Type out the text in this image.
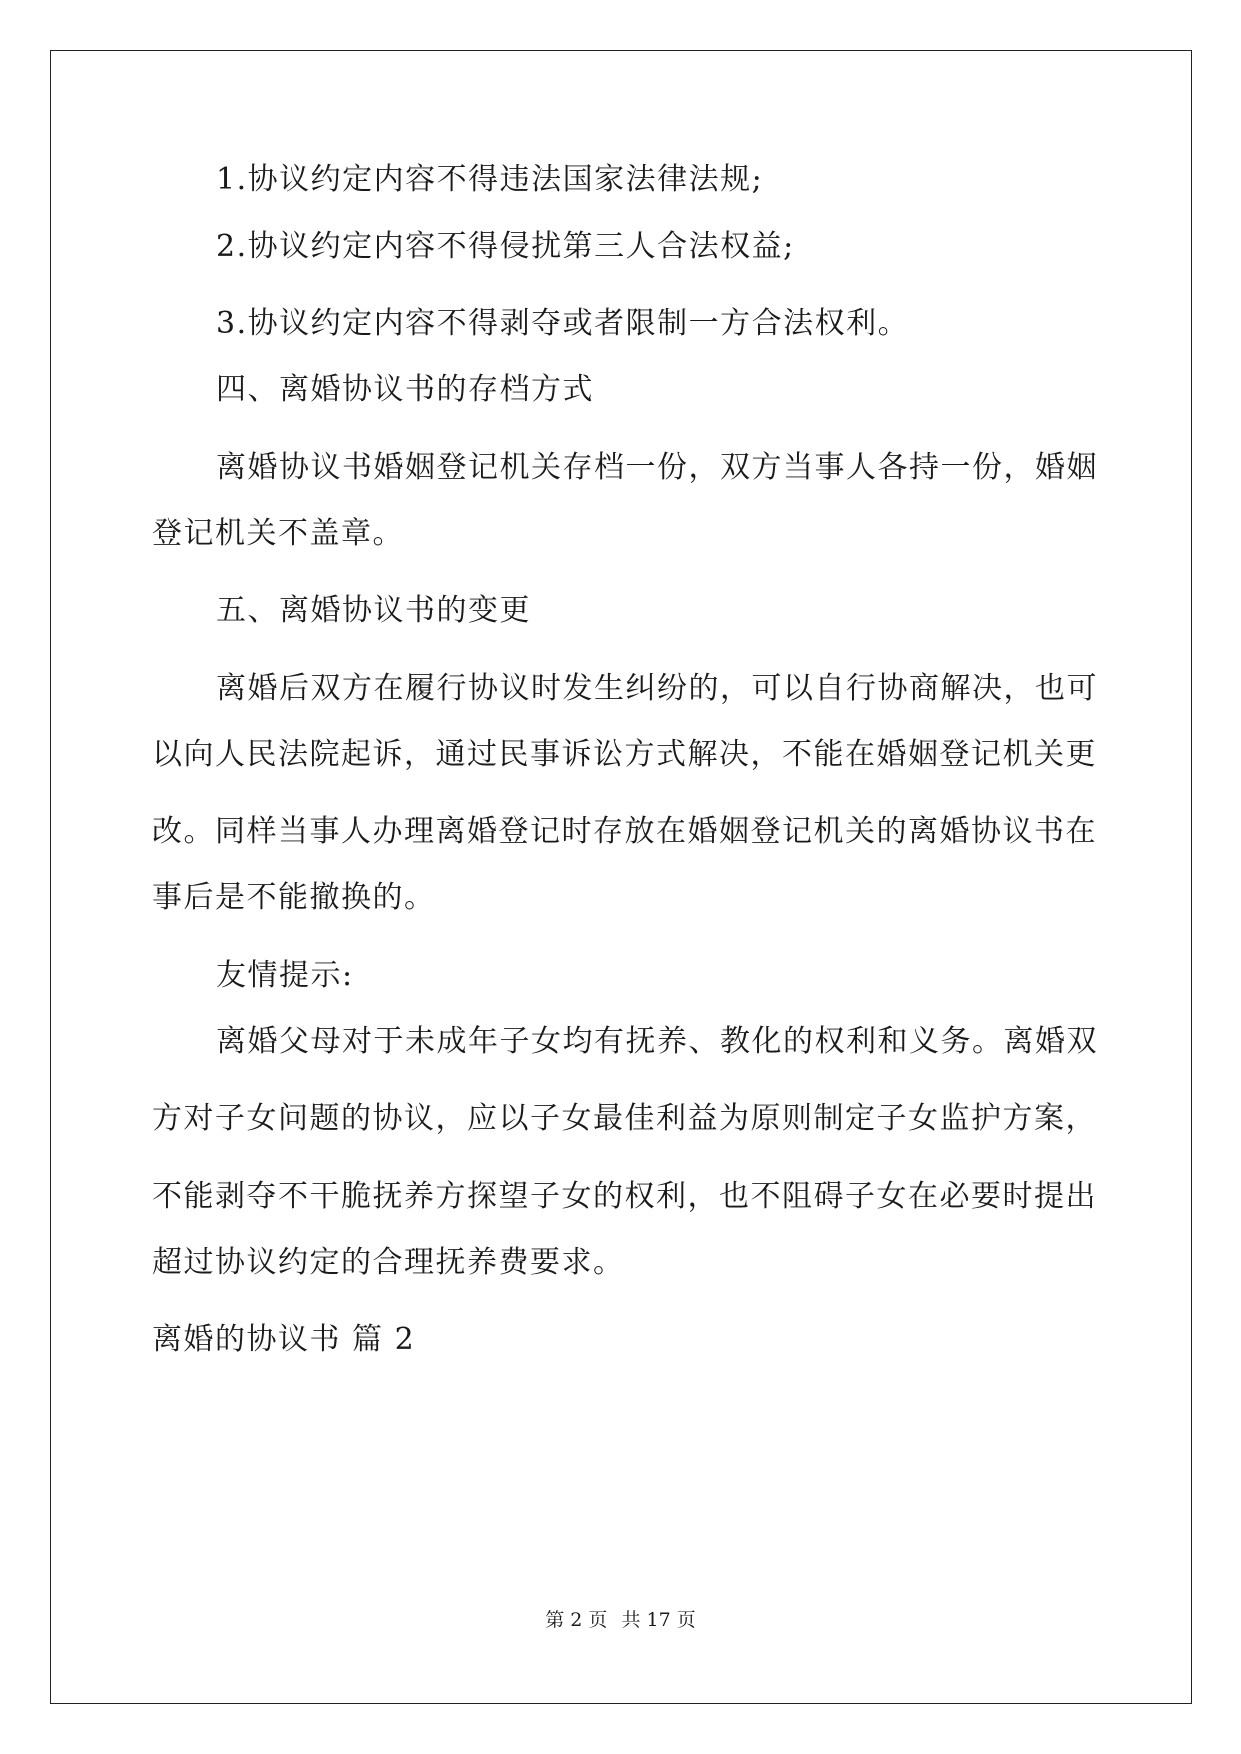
1.协议约定内容不得违法国家法律法规;
2.协议约定内容不得侵扰第三人合法权益;
3.协议约定内容不得剥夺或者限制一方合法权利。
四、离婚协议书的存档方式
离婚协议书婚姻登记机关存档一份，双方当事人各持一份，婚姻
登记机关不盖章。
五、离婚协议书的变更
离婚后双方在履行协议时发生纠纷的，可以自行协商解决，也可
以向人民法院起诉，通过民事诉讼方式解决，不能在婚姻登记机关更
改。同样当事人办理离婚登记时存放在婚姻登记机关的离婚协议书在
事后是不能撤换的。
友情提示:
离婚父母对于未成年子女均有抚养、教化的权利和义务。离婚双
方对子女问题的协议，应以子女最佳利益为原则制定子女监护方案，
不能剥夺不干脆抚养方探望子女的权利，也不阻碍子女在必要时提出
超过协议约定的合理抚养费要求。
离婚的协议书 篇 2
第 2 页 共 17 页
